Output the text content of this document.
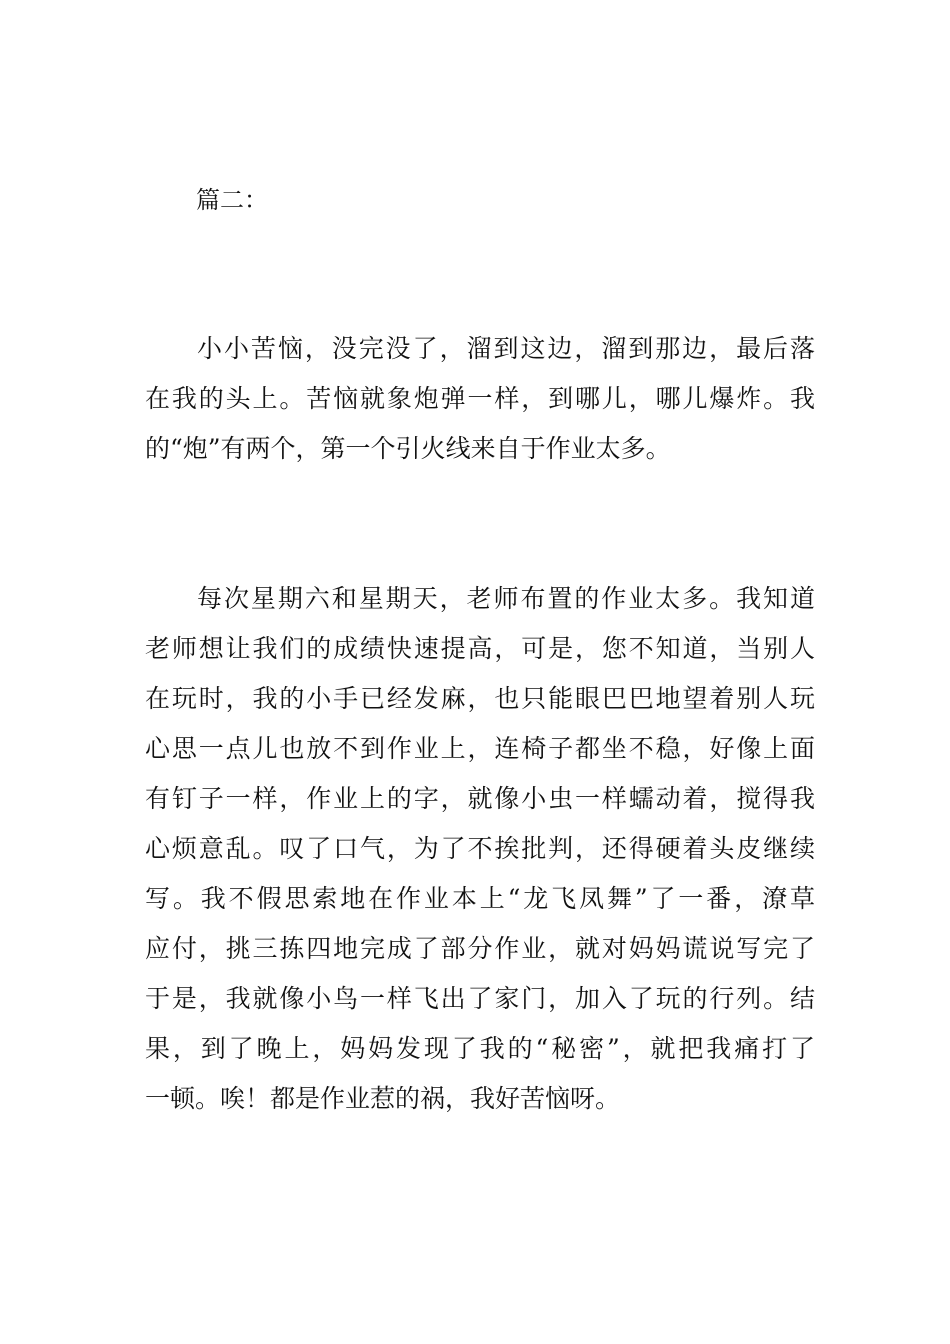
篇二：
小小苦恼，没完没了，溜到这边，溜到那边，最后落
在我的头上。苦恼就象炮弹一样，到哪儿，哪儿爆炸。我
的“炮”有两个，第一个引火线来自于作业太多。
每次星期六和星期天，老师布置的作业太多。我知道
老师想让我们的成绩快速提高，可是，您不知道，当别人
在玩时，我的小手已经发麻，也只能眼巴巴地望着别人玩
心思一点儿也放不到作业上，连椅子都坐不稳，好像上面
有钉子一样，作业上的字，就像小虫一样蠕动着，搅得我
心烦意乱。叹了口气，为了不挨批判，还得硬着头皮继续
写。我不假思索地在作业本上“龙飞凤舞”了一番，潦草
应付，挑三拣四地完成了部分作业，就对妈妈谎说写完了
于是，我就像小鸟一样飞出了家门，加入了玩的行列。结
果，到了晚上，妈妈发现了我的“秘密”，就把我痛打了
一顿。唉！都是作业惹的祸，我好苦恼呀。
